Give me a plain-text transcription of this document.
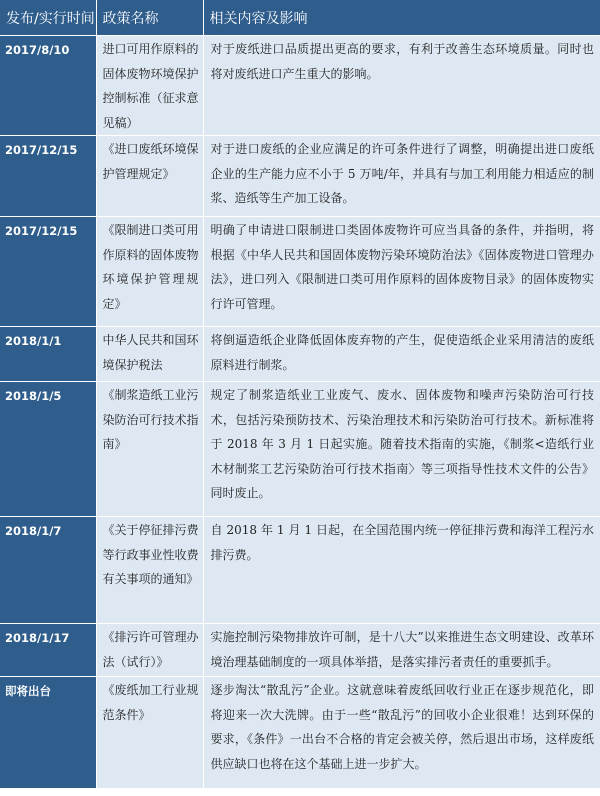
发布/实行时间	政策名称	相关内容及影响
2017/8/10	进口可用作原料的固体废物环境保护控制标准（征求意见稿）	对于废纸进口品质提出更高的要求，有利于改善生态环境质量。同时也将对废纸进口产生重大的影响。
2017/12/15	《进口废纸环境保护管理规定》	对于进口废纸的企业应满足的许可条件进行了调整，明确提出进口废纸企业的生产能力应不小于 5 万吨/年，并具有与加工利用能力相适应的制浆、造纸等生产加工设备。
2017/12/15	《限制进口类可用作原料的固体废物环境保护管理规定》	明确了申请进口限制进口类固体废物许可应当具备的条件，并指明，将根据《中华人民共和国固体废物污染环境防治法》《固体废物进口管理办法》，进口列入《限制进口类可用作原料的固体废物目录》的固体废物实行许可管理。
2018/1/1	中华人民共和国环境保护税法	将倒逼造纸企业降低固体废弃物的产生，促使造纸企业采用清洁的废纸原料进行制浆。
2018/1/5	《制浆造纸工业污染防治可行技术指南》	规定了制浆造纸业工业废气、废水、固体废物和噪声污染防治可行技术，包括污染预防技术、污染治理技术和污染防治可行技术。新标准将于 2018 年 3 月 1 日起实施。随着技术指南的实施，《制浆<造纸行业木材制浆工艺污染防治可行技术指南〉等三项指导性技术文件的公告》同时废止。
2018/1/7	《关于停征排污费等行政事业性收费有关事项的通知》	自 2018 年 1 月 1 日起，在全国范围内统一停征排污费和海洋工程污水排污费。
2018/1/17	《排污许可管理办法（试行）》	实施控制污染物排放许可制，是十八大”以来推进生态文明建设、改革环境治理基础制度的一项具体举措，是落实排污者责任的重要抓手。
即将出台	《废纸加工行业规范条件》	逐步淘汰“散乱污”企业。这就意味着废纸回收行业正在逐步规范化，即将迎来一次大洗牌。由于一些“散乱污”的回收小企业很难！达到环保的要求，《条件》一出台不合格的肯定会被关停，然后退出市场，这样废纸供应缺口也将在这个基础上进一步扩大。
